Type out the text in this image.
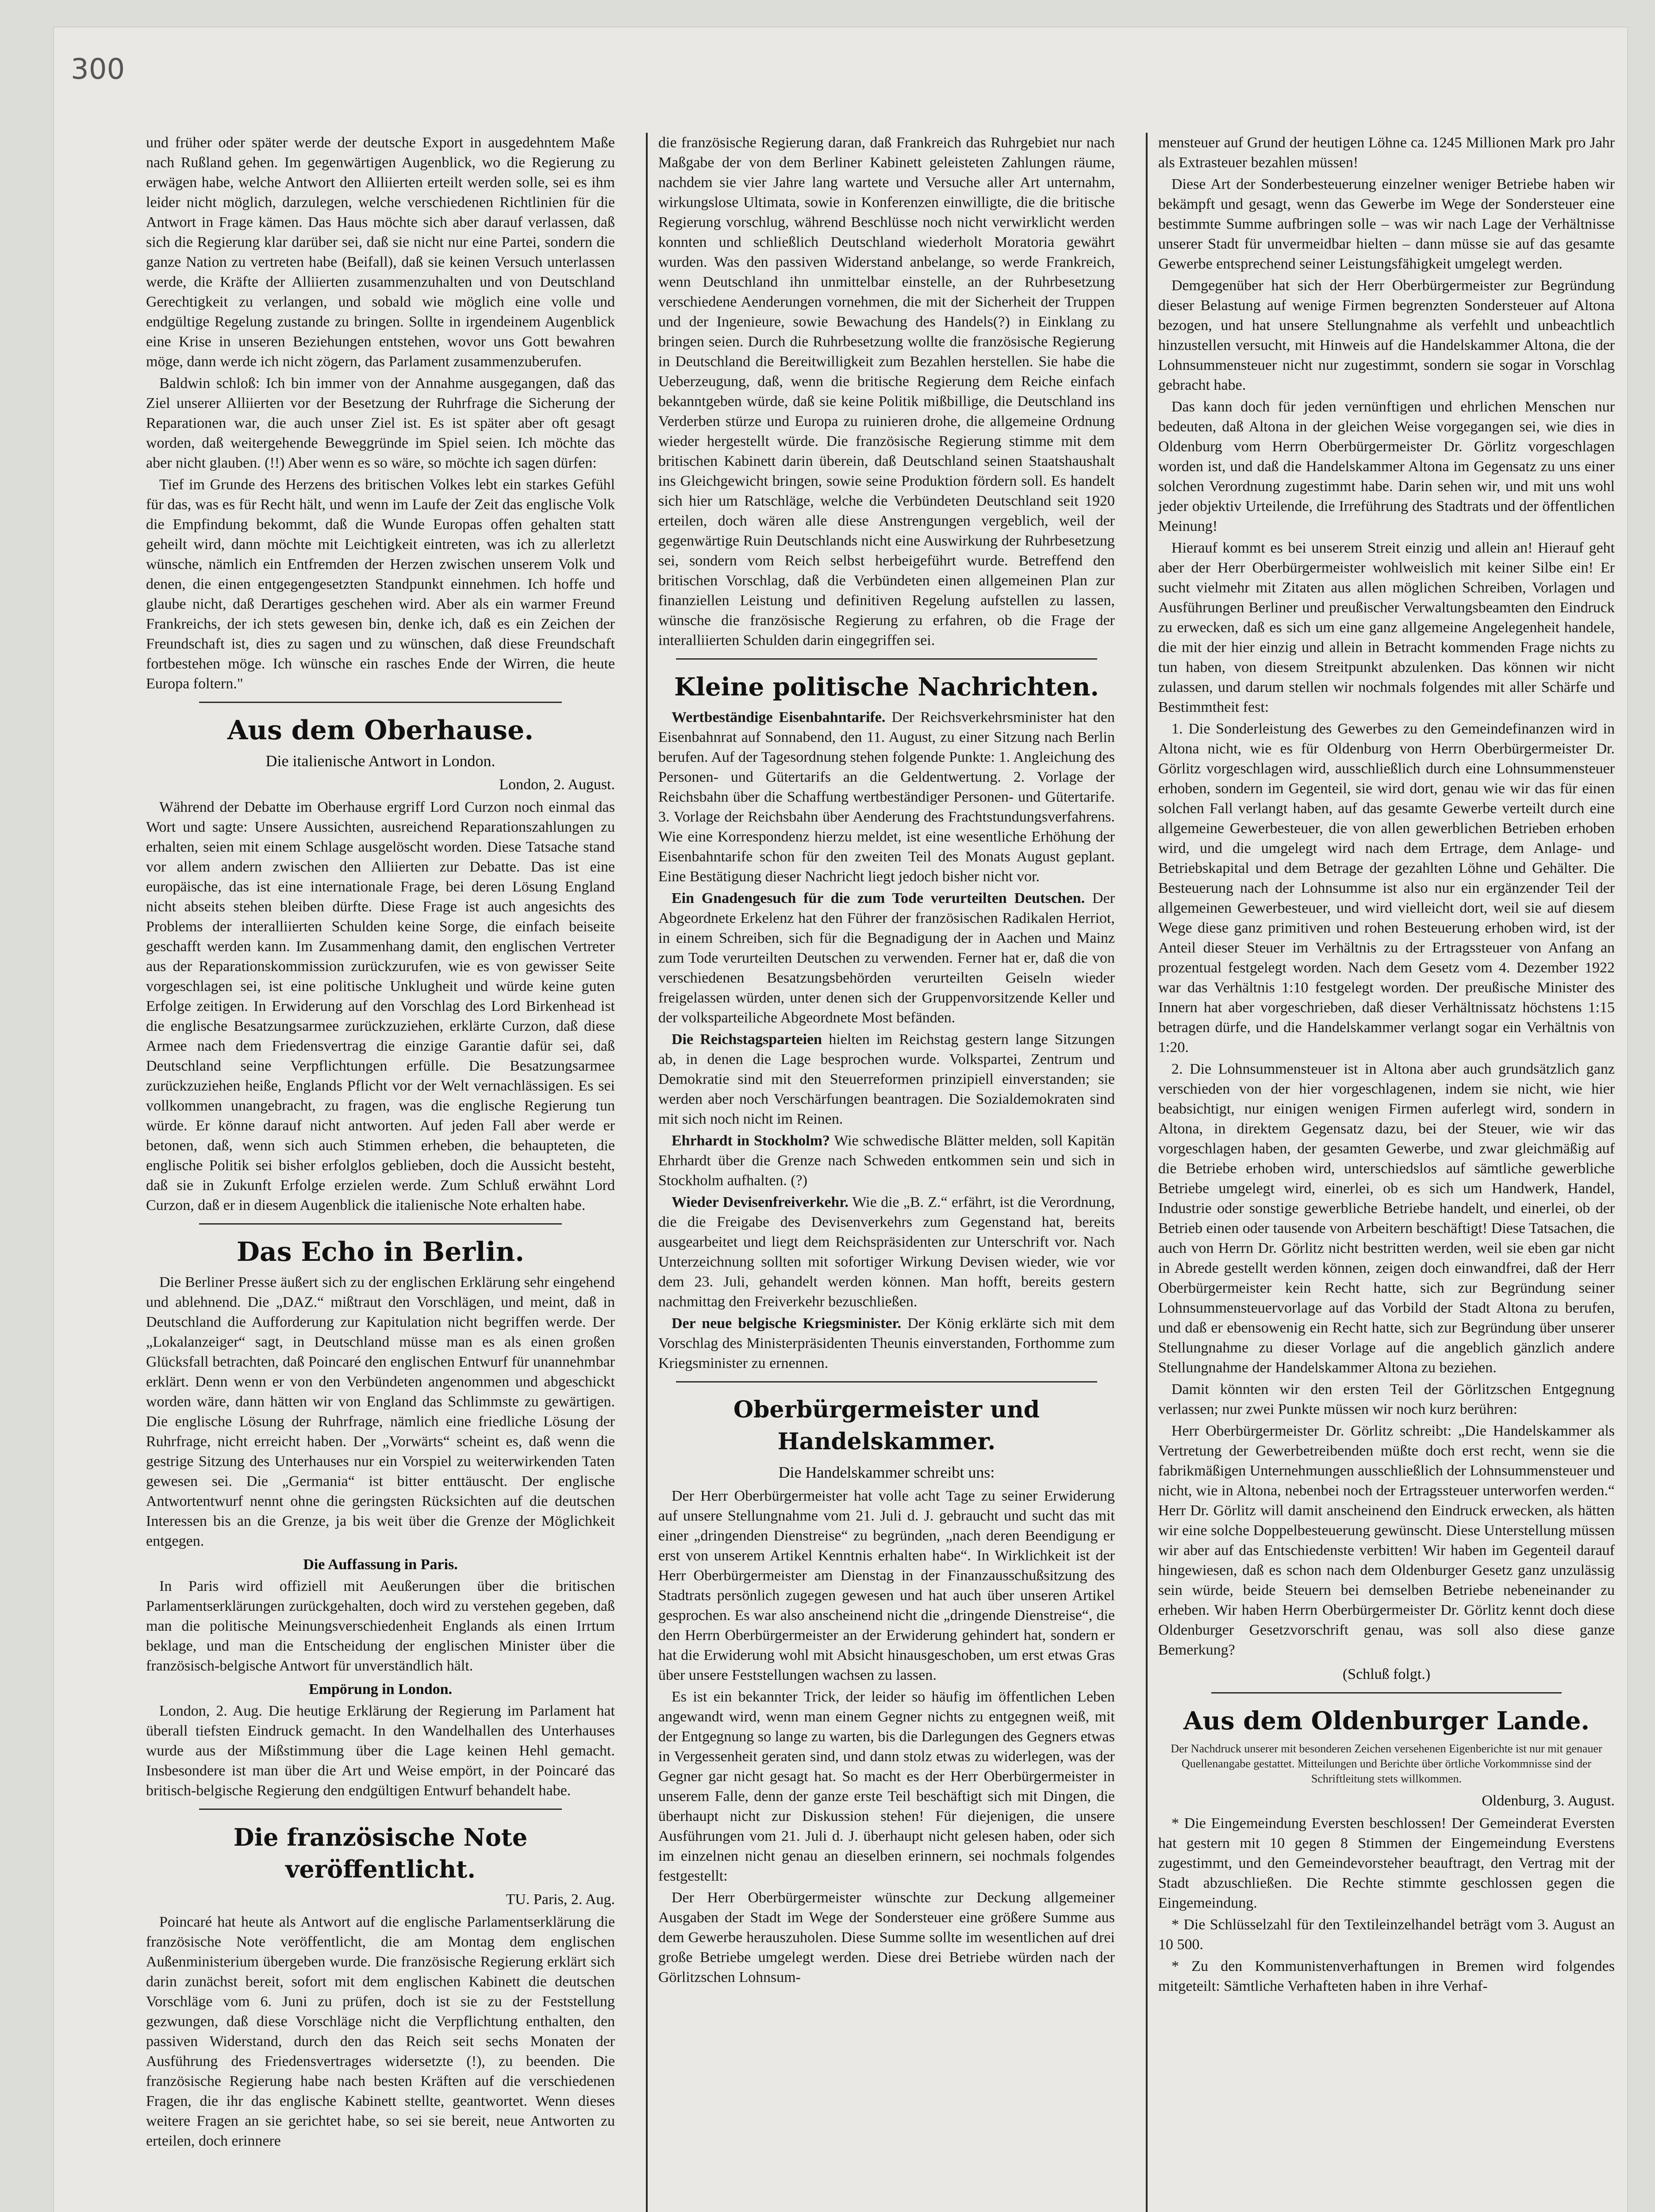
300

und früher oder später werde der deutsche Export in ausgedehntem Maße nach Rußland gehen. Im gegenwärtigen Augenblick, wo die Regierung zu erwägen habe, welche Antwort den Alliierten erteilt werden solle, sei es ihm leider nicht möglich, darzulegen, welche verschiedenen Richtlinien für die Antwort in Frage kämen. Das Haus möchte sich aber darauf verlassen, daß sich die Regierung klar darüber sei, daß sie nicht nur eine Partei, sondern die ganze Nation zu vertreten habe (Beifall), daß sie keinen Versuch unterlassen werde, die Kräfte der Alliierten zusammenzuhalten und von Deutschland Gerechtigkeit zu verlangen, und sobald wie möglich eine volle und endgültige Regelung zustande zu bringen. Sollte in irgendeinem Augenblick eine Krise in unseren Beziehungen entstehen, wovor uns Gott bewahren möge, dann werde ich nicht zögern, das Parlament zusammenzuberufen.

Baldwin schloß: Ich bin immer von der Annahme ausgegangen, daß das Ziel unserer Alliierten vor der Besetzung der Ruhrfrage die Sicherung der Reparationen war, die auch unser Ziel ist. Es ist später aber oft gesagt worden, daß weitergehende Beweggründe im Spiel seien. Ich möchte das aber nicht glauben. (!!) Aber wenn es so wäre, so möchte ich sagen dürfen:

Tief im Grunde des Herzens des britischen Volkes lebt ein starkes Gefühl für das, was es für Recht hält, und wenn im Laufe der Zeit das englische Volk die Empfindung bekommt, daß die Wunde Europas offen gehalten statt geheilt wird, dann möchte mit Leichtigkeit eintreten, was ich zu allerletzt wünsche, nämlich ein Entfremden der Herzen zwischen unserem Volk und denen, die einen entgegengesetzten Standpunkt einnehmen. Ich hoffe und glaube nicht, daß Derartiges geschehen wird. Aber als ein warmer Freund Frankreichs, der ich stets gewesen bin, denke ich, daß es ein Zeichen der Freundschaft ist, dies zu sagen und zu wünschen, daß diese Freundschaft fortbestehen möge. Ich wünsche ein rasches Ende der Wirren, die heute Europa foltern."

Aus dem Oberhause.
Die italienische Antwort in London.
London, 2. August.

Während der Debatte im Oberhause ergriff Lord Curzon noch einmal das Wort und sagte: Unsere Aussichten, ausreichend Reparationszahlungen zu erhalten, seien mit einem Schlage ausgelöscht worden. Diese Tatsache stand vor allem andern zwischen den Alliierten zur Debatte. Das ist eine europäische, das ist eine internationale Frage, bei deren Lösung England nicht abseits stehen bleiben dürfte. Diese Frage ist auch angesichts des Problems der interalliierten Schulden keine Sorge, die einfach beiseite geschafft werden kann. Im Zusammenhang damit, den englischen Vertreter aus der Reparationskommission zurückzurufen, wie es von gewisser Seite vorgeschlagen sei, ist eine politische Unklugheit und würde keine guten Erfolge zeitigen. In Erwiderung auf den Vorschlag des Lord Birkenhead ist die englische Besatzungsarmee zurückzuziehen, erklärte Curzon, daß diese Armee nach dem Friedensvertrag die einzige Garantie dafür sei, daß Deutschland seine Verpflichtungen erfülle. Die Besatzungsarmee zurückzuziehen heiße, Englands Pflicht vor der Welt vernachlässigen. Es sei vollkommen unangebracht, zu fragen, was die englische Regierung tun würde. Er könne darauf nicht antworten. Auf jeden Fall aber werde er betonen, daß, wenn sich auch Stimmen erheben, die behaupteten, die englische Politik sei bisher erfolglos geblieben, doch die Aussicht besteht, daß sie in Zukunft Erfolge erzielen werde. Zum Schluß erwähnt Lord Curzon, daß er in diesem Augenblick die italienische Note erhalten habe.

Das Echo in Berlin.

Die Berliner Presse äußert sich zu der englischen Erklärung sehr eingehend und ablehnend. Die „DAZ.“ mißtraut den Vorschlägen, und meint, daß in Deutschland die Aufforderung zur Kapitulation nicht begriffen werde. Der „Lokalanzeiger“ sagt, in Deutschland müsse man es als einen großen Glücksfall betrachten, daß Poincaré den englischen Entwurf für unannehmbar erklärt. Denn wenn er von den Verbündeten angenommen und abgeschickt worden wäre, dann hätten wir von England das Schlimmste zu gewärtigen. Die englische Lösung der Ruhrfrage, nämlich eine friedliche Lösung der Ruhrfrage, nicht erreicht haben. Der „Vorwärts“ scheint es, daß wenn die gestrige Sitzung des Unterhauses nur ein Vorspiel zu weiterwirkenden Taten gewesen sei. Die „Germania“ ist bitter enttäuscht. Der englische Antwortentwurf nennt ohne die geringsten Rücksichten auf die deutschen Interessen bis an die Grenze, ja bis weit über die Grenze der Möglichkeit entgegen.

Die Auffassung in Paris.

In Paris wird offiziell mit Aeußerungen über die britischen Parlamentserklärungen zurückgehalten, doch wird zu verstehen gegeben, daß man die politische Meinungsverschiedenheit Englands als einen Irrtum beklage, und man die Entscheidung der englischen Minister über die französisch-belgische Antwort für unverständlich hält.

Empörung in London.

London, 2. Aug. Die heutige Erklärung der Regierung im Parlament hat überall tiefsten Eindruck gemacht. In den Wandelhallen des Unterhauses wurde aus der Mißstimmung über die Lage keinen Hehl gemacht. Insbesondere ist man über die Art und Weise empört, in der Poincaré das britisch-belgische Regierung den endgültigen Entwurf behandelt habe.

Die französische Note veröffentlicht.
TU. Paris, 2. Aug.

Poincaré hat heute als Antwort auf die englische Parlamentserklärung die französische Note veröffentlicht, die am Montag dem englischen Außenministerium übergeben wurde. Die französische Regierung erklärt sich darin zunächst bereit, sofort mit dem englischen Kabinett die deutschen Vorschläge vom 6. Juni zu prüfen, doch ist sie zu der Feststellung gezwungen, daß diese Vorschläge nicht die Verpflichtung enthalten, den passiven Widerstand, durch den das Reich seit sechs Monaten der Ausführung des Friedensvertrages widersetzte (!), zu beenden. Die französische Regierung habe nach besten Kräften auf die verschiedenen Fragen, die ihr das englische Kabinett stellte, geantwortet. Wenn dieses weitere Fragen an sie gerichtet habe, so sei sie bereit, neue Antworten zu erteilen, doch erinnere

die französische Regierung daran, daß Frankreich das Ruhrgebiet nur nach Maßgabe der von dem Berliner Kabinett geleisteten Zahlungen räume, nachdem sie vier Jahre lang wartete und Versuche aller Art unternahm, wirkungslose Ultimata, sowie in Konferenzen einwilligte, die die britische Regierung vorschlug, während Beschlüsse noch nicht verwirklicht werden konnten und schließlich Deutschland wiederholt Moratoria gewährt wurden. Was den passiven Widerstand anbelange, so werde Frankreich, wenn Deutschland ihn unmittelbar einstelle, an der Ruhrbesetzung verschiedene Aenderungen vornehmen, die mit der Sicherheit der Truppen und der Ingenieure, sowie Bewachung des Handels(?) in Einklang zu bringen seien. Durch die Ruhrbesetzung wollte die französische Regierung in Deutschland die Bereitwilligkeit zum Bezahlen herstellen. Sie habe die Ueberzeugung, daß, wenn die britische Regierung dem Reiche einfach bekanntgeben würde, daß sie keine Politik mißbillige, die Deutschland ins Verderben stürze und Europa zu ruinieren drohe, die allgemeine Ordnung wieder hergestellt würde. Die französische Regierung stimme mit dem britischen Kabinett darin überein, daß Deutschland seinen Staatshaushalt ins Gleichgewicht bringen, sowie seine Produktion fördern soll. Es handelt sich hier um Ratschläge, welche die Verbündeten Deutschland seit 1920 erteilen, doch wären alle diese Anstrengungen vergeblich, weil der gegenwärtige Ruin Deutschlands nicht eine Auswirkung der Ruhrbesetzung sei, sondern vom Reich selbst herbeigeführt wurde. Betreffend den britischen Vorschlag, daß die Verbündeten einen allgemeinen Plan zur finanziellen Leistung und definitiven Regelung aufstellen zu lassen, wünsche die französische Regierung zu erfahren, ob die Frage der interalliierten Schulden darin eingegriffen sei.

Kleine politische Nachrichten.

Wertbeständige Eisenbahntarife. Der Reichsverkehrsminister hat den Eisenbahnrat auf Sonnabend, den 11. August, zu einer Sitzung nach Berlin berufen. Auf der Tagesordnung stehen folgende Punkte: 1. Angleichung des Personen- und Gütertarifs an die Geldentwertung. 2. Vorlage der Reichsbahn über die Schaffung wertbeständiger Personen- und Gütertarife. 3. Vorlage der Reichsbahn über Aenderung des Frachtstundungsverfahrens. Wie eine Korrespondenz hierzu meldet, ist eine wesentliche Erhöhung der Eisenbahntarife schon für den zweiten Teil des Monats August geplant. Eine Bestätigung dieser Nachricht liegt jedoch bisher nicht vor.

Ein Gnadengesuch für die zum Tode verurteilten Deutschen. Der Abgeordnete Erkelenz hat den Führer der französischen Radikalen Herriot, in einem Schreiben, sich für die Begnadigung der in Aachen und Mainz zum Tode verurteilten Deutschen zu verwenden. Ferner hat er, daß die von verschiedenen Besatzungsbehörden verurteilten Geiseln wieder freigelassen würden, unter denen sich der Gruppenvorsitzende Keller und der volksparteiliche Abgeordnete Most befänden.

Die Reichstagsparteien hielten im Reichstag gestern lange Sitzungen ab, in denen die Lage besprochen wurde. Volkspartei, Zentrum und Demokratie sind mit den Steuerreformen prinzipiell einverstanden; sie werden aber noch Verschärfungen beantragen. Die Sozialdemokraten sind mit sich noch nicht im Reinen.

Ehrhardt in Stockholm? Wie schwedische Blätter melden, soll Kapitän Ehrhardt über die Grenze nach Schweden entkommen sein und sich in Stockholm aufhalten. (?)

Wieder Devisenfreiverkehr. Wie die „B. Z.“ erfährt, ist die Verordnung, die die Freigabe des Devisenverkehrs zum Gegenstand hat, bereits ausgearbeitet und liegt dem Reichspräsidenten zur Unterschrift vor. Nach Unterzeichnung sollten mit sofortiger Wirkung Devisen wieder, wie vor dem 23. Juli, gehandelt werden können. Man hofft, bereits gestern nachmittag den Freiverkehr bezuschließen.

Der neue belgische Kriegsminister. Der König erklärte sich mit dem Vorschlag des Ministerpräsidenten Theunis einverstanden, Forthomme zum Kriegsminister zu ernennen.

Oberbürgermeister und Handelskammer.
Die Handelskammer schreibt uns:

Der Herr Oberbürgermeister hat volle acht Tage zu seiner Erwiderung auf unsere Stellungnahme vom 21. Juli d. J. gebraucht und sucht das mit einer „dringenden Dienstreise“ zu begründen, „nach deren Beendigung er erst von unserem Artikel Kenntnis erhalten habe“. In Wirklichkeit ist der Herr Oberbürgermeister am Dienstag in der Finanzausschußsitzung des Stadtrats persönlich zugegen gewesen und hat auch über unseren Artikel gesprochen. Es war also anscheinend nicht die „dringende Dienstreise“, die den Herrn Oberbürgermeister an der Erwiderung gehindert hat, sondern er hat die Erwiderung wohl mit Absicht hinausgeschoben, um erst etwas Gras über unsere Feststellungen wachsen zu lassen.

Es ist ein bekannter Trick, der leider so häufig im öffentlichen Leben angewandt wird, wenn man einem Gegner nichts zu entgegnen weiß, mit der Entgegnung so lange zu warten, bis die Darlegungen des Gegners etwas in Vergessenheit geraten sind, und dann stolz etwas zu widerlegen, was der Gegner gar nicht gesagt hat. So macht es der Herr Oberbürgermeister in unserem Falle, denn der ganze erste Teil beschäftigt sich mit Dingen, die überhaupt nicht zur Diskussion stehen! Für diejenigen, die unsere Ausführungen vom 21. Juli d. J. überhaupt nicht gelesen haben, oder sich im einzelnen nicht genau an dieselben erinnern, sei nochmals folgendes festgestellt:

Der Herr Oberbürgermeister wünschte zur Deckung allgemeiner Ausgaben der Stadt im Wege der Sondersteuer eine größere Summe aus dem Gewerbe herauszuholen. Diese Summe sollte im wesentlichen auf drei große Betriebe umgelegt werden. Diese drei Betriebe würden nach der Görlitzschen Lohnsum-

mensteuer auf Grund der heutigen Löhne ca. 1245 Millionen Mark pro Jahr als Extrasteuer bezahlen müssen!

Diese Art der Sonderbesteuerung einzelner weniger Betriebe haben wir bekämpft und gesagt, wenn das Gewerbe im Wege der Sondersteuer eine bestimmte Summe aufbringen solle – was wir nach Lage der Verhältnisse unserer Stadt für unvermeidbar hielten – dann müsse sie auf das gesamte Gewerbe entsprechend seiner Leistungsfähigkeit umgelegt werden.

Demgegenüber hat sich der Herr Oberbürgermeister zur Begründung dieser Belastung auf wenige Firmen begrenzten Sondersteuer auf Altona bezogen, und hat unsere Stellungnahme als verfehlt und unbeachtlich hinzustellen versucht, mit Hinweis auf die Handelskammer Altona, die der Lohnsummensteuer nicht nur zugestimmt, sondern sie sogar in Vorschlag gebracht habe.

Das kann doch für jeden vernünftigen und ehrlichen Menschen nur bedeuten, daß Altona in der gleichen Weise vorgegangen sei, wie dies in Oldenburg vom Herrn Oberbürgermeister Dr. Görlitz vorgeschlagen worden ist, und daß die Handelskammer Altona im Gegensatz zu uns einer solchen Verordnung zugestimmt habe. Darin sehen wir, und mit uns wohl jeder objektiv Urteilende, die Irreführung des Stadtrats und der öffentlichen Meinung!

Hierauf kommt es bei unserem Streit einzig und allein an! Hierauf geht aber der Herr Oberbürgermeister wohlweislich mit keiner Silbe ein! Er sucht vielmehr mit Zitaten aus allen möglichen Schreiben, Vorlagen und Ausführungen Berliner und preußischer Verwaltungsbeamten den Eindruck zu erwecken, daß es sich um eine ganz allgemeine Angelegenheit handele, die mit der hier einzig und allein in Betracht kommenden Frage nichts zu tun haben, von diesem Streitpunkt abzulenken. Das können wir nicht zulassen, und darum stellen wir nochmals folgendes mit aller Schärfe und Bestimmtheit fest:

1. Die Sonderleistung des Gewerbes zu den Gemeindefinanzen wird in Altona nicht, wie es für Oldenburg von Herrn Oberbürgermeister Dr. Görlitz vorgeschlagen wird, ausschließlich durch eine Lohnsummensteuer erhoben, sondern im Gegenteil, sie wird dort, genau wie wir das für einen solchen Fall verlangt haben, auf das gesamte Gewerbe verteilt durch eine allgemeine Gewerbesteuer, die von allen gewerblichen Betrieben erhoben wird, und die umgelegt wird nach dem Ertrage, dem Anlage- und Betriebskapital und dem Betrage der gezahlten Löhne und Gehälter. Die Besteuerung nach der Lohnsumme ist also nur ein ergänzender Teil der allgemeinen Gewerbesteuer, und wird vielleicht dort, weil sie auf diesem Wege diese ganz primitiven und rohen Besteuerung erhoben wird, ist der Anteil dieser Steuer im Verhältnis zu der Ertragssteuer von Anfang an prozentual festgelegt worden. Nach dem Gesetz vom 4. Dezember 1922 war das Verhältnis 1:10 festgelegt worden. Der preußische Minister des Innern hat aber vorgeschrieben, daß dieser Verhältnissatz höchstens 1:15 betragen dürfe, und die Handelskammer verlangt sogar ein Verhältnis von 1:20.

2. Die Lohnsummensteuer ist in Altona aber auch grundsätzlich ganz verschieden von der hier vorgeschlagenen, indem sie nicht, wie hier beabsichtigt, nur einigen wenigen Firmen auferlegt wird, sondern in Altona, in direktem Gegensatz dazu, bei der Steuer, wie wir das vorgeschlagen haben, der gesamten Gewerbe, und zwar gleichmäßig auf die Betriebe erhoben wird, unterschiedslos auf sämtliche gewerbliche Betriebe umgelegt wird, einerlei, ob es sich um Handwerk, Handel, Industrie oder sonstige gewerbliche Betriebe handelt, und einerlei, ob der Betrieb einen oder tausende von Arbeitern beschäftigt! Diese Tatsachen, die auch von Herrn Dr. Görlitz nicht bestritten werden, weil sie eben gar nicht in Abrede gestellt werden können, zeigen doch einwandfrei, daß der Herr Oberbürgermeister kein Recht hatte, sich zur Begründung seiner Lohnsummensteuervorlage auf das Vorbild der Stadt Altona zu berufen, und daß er ebensowenig ein Recht hatte, sich zur Begründung über unserer Stellungnahme zu dieser Vorlage auf die angeblich gänzlich andere Stellungnahme der Handelskammer Altona zu beziehen.

Damit könnten wir den ersten Teil der Görlitzschen Entgegnung verlassen; nur zwei Punkte müssen wir noch kurz berühren:

Herr Oberbürgermeister Dr. Görlitz schreibt: „Die Handelskammer als Vertretung der Gewerbetreibenden müßte doch erst recht, wenn sie die fabrikmäßigen Unternehmungen ausschließlich der Lohnsummensteuer und nicht, wie in Altona, nebenbei noch der Ertragssteuer unterworfen werden.“ Herr Dr. Görlitz will damit anscheinend den Eindruck erwecken, als hätten wir eine solche Doppelbesteuerung gewünscht. Diese Unterstellung müssen wir aber auf das Entschiedenste verbitten! Wir haben im Gegenteil darauf hingewiesen, daß es schon nach dem Oldenburger Gesetz ganz unzulässig sein würde, beide Steuern bei demselben Betriebe nebeneinander zu erheben. Wir haben Herrn Oberbürgermeister Dr. Görlitz kennt doch diese Oldenburger Gesetzvorschrift genau, was soll also diese ganze Bemerkung?

(Schluß folgt.)
Aus dem Oldenburger Lande.
Der Nachdruck unserer mit besonderen Zeichen versehenen Eigenberichte ist nur mit genauer Quellenangabe gestattet. Mitteilungen und Berichte über örtliche Vorkommnisse sind der Schriftleitung stets willkommen.
Oldenburg, 3. August.

* Die Eingemeindung Eversten beschlossen! Der Gemeinderat Eversten hat gestern mit 10 gegen 8 Stimmen der Eingemeindung Everstens zugestimmt, und den Gemeindevorsteher beauftragt, den Vertrag mit der Stadt abzuschließen. Die Rechte stimmte geschlossen gegen die Eingemeindung.

* Die Schlüsselzahl für den Textileinzelhandel beträgt vom 3. August an 10 500.

* Zu den Kommunistenverhaftungen in Bremen wird folgendes mitgeteilt: Sämtliche Verhafteten haben in ihre Verhaf-
